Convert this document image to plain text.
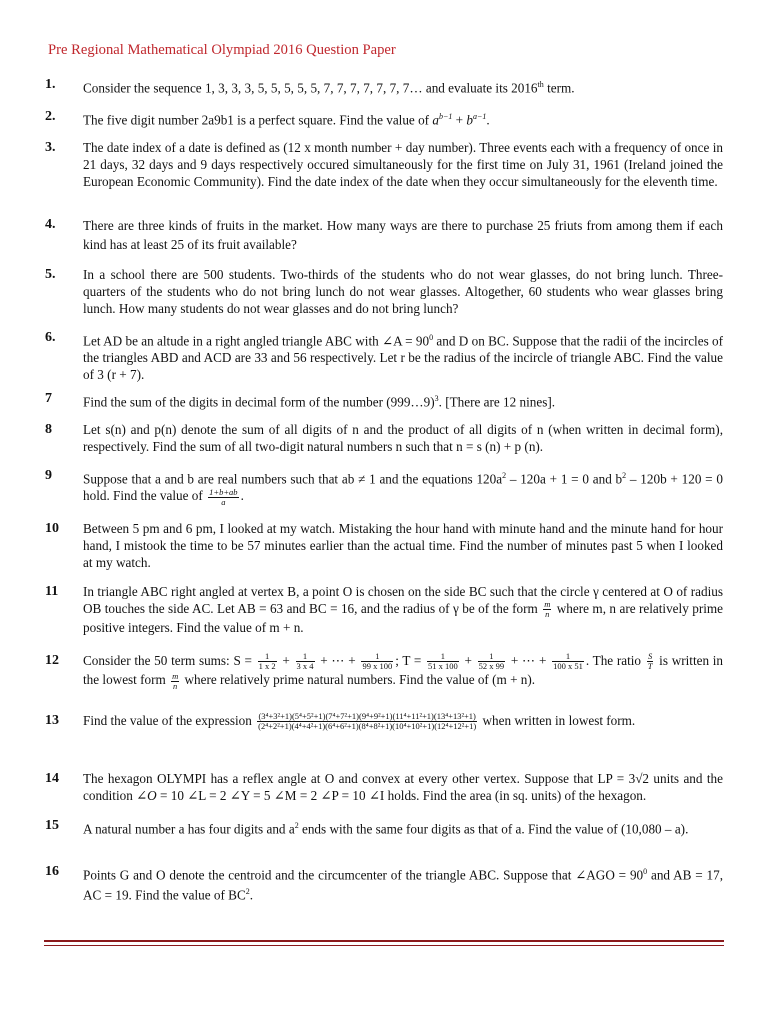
Pre Regional Mathematical Olympiad 2016 Question Paper
1.	Consider the sequence 1, 3, 3, 3, 5, 5, 5, 5, 5, 7, 7, 7, 7, 7, 7, 7… and evaluate its 2016th term.
2.	The five digit number 2a9b1 is a perfect square. Find the value of $a^{b-1} + b^{a-1}$.
3.	The date index of a date is defined as (12 x month number + day number). Three events each with a frequency of once in 21 days, 32 days and 9 days respectively occured simultaneously for the first time on July 31, 1961 (Ireland joined the European Economic Community). Find the date index of the date when they occur simultaneously for the eleventh time.
4.	There are three kinds of fruits in the market. How many ways are there to purchase 25 friuts from among them if each kind has at least 25 of its fruit available?
5.	In a school there are 500 students. Two-thirds of the students who do not wear glasses, do not bring lunch. Three-quarters of the students who do not bring lunch do not wear glasses. Altogether, 60 students who wear glasses bring lunch. How many students do not wear glasses and do not bring lunch?
6.	Let AD be an altude in a right angled triangle ABC with ∠A = $90^0$ and D on BC. Suppose that the radii of the incircles of the triangles ABD and ACD are 33 and 56 respectively. Let r be the radius of the incircle of triangle ABC. Find the value of 3 (r + 7).
7	Find the sum of the digits in decimal form of the number (999…9)$^3$. [There are 12 nines].
8	Let s(n) and p(n) denote the sum of all digits of n and the product of all digits of n (when written in decimal form), respectively. Find the sum of all two-digit natural numbers n such that n = s (n) + p (n).
9	Suppose that a and b are real numbers such that ab ≠ 1 and the equations $120a^2 - 120a + 1 = 0$ and $b^2 - 120b + 120 = 0$ hold. Find the value of $\frac{1+b+ab}{a}$ .
10	Between 5 pm and 6 pm, I looked at my watch. Mistaking the hour hand with minute hand and the minute hand for hour hand, I mistook the time to be 57 minutes earlier than the actual time. Find the number of minutes past 5 when I looked at my watch.
11	In triangle ABC right angled at vertex B, a point O is chosen on the side BC such that the circle γ centered at O of radius OB touches the side AC. Let AB = 63 and BC = 16, and the radius of γ be of the form $\frac{m}{n}$ where m, n are relatively prime positive integers. Find the value of m + n.
12	Consider the 50 term sums: $S = \frac{1}{1 x 2} + \frac{1}{3 x 4}$ + ⋯ + $\frac{1}{99 x 100}$ ; $T = \frac{1}{51 x 100} + \frac{1}{52 x 99}$ + ⋯ + $\frac{1}{100 x 51}$ . The ratio $\frac{S}{T}$ is written in the lowest form $\frac{m}{n}$ where relatively prime natural numbers. Find the value of (m + n).
13	Find the value of the expression $\frac{\text{(3⁴+3²+1)(5⁴+5²+1)(7⁴+7²+1)(9⁴+9²+1)(11⁴+11²+1)(13⁴+13²+1)}}{\text{(2⁴+2²+1)(4⁴+4²+1)(6⁴+6²+1)(8⁴+8²+1)(10⁴+10²+1)(12⁴+12²+1)}}$ when written in lowest form.
14	The hexagon OLYMPI has a reflex angle at O and convex at every other vertex. Suppose that LP = 3√2 units and the condition ∠O = 10 ∠L = 2 ∠Y = 5 ∠M = 2 ∠P = 10 ∠I holds. Find the area (in sq. units) of the hexagon.
15	A natural number a has four digits and $a^2$ ends with the same four digits as that of a. Find the value of (10,080 – a).
16	Points G and O denote the centroid and the circumcenter of the triangle ABC. Suppose that ∠AGO = $90^0$ and AB = 17, AC = 19. Find the value of $BC^2$.
